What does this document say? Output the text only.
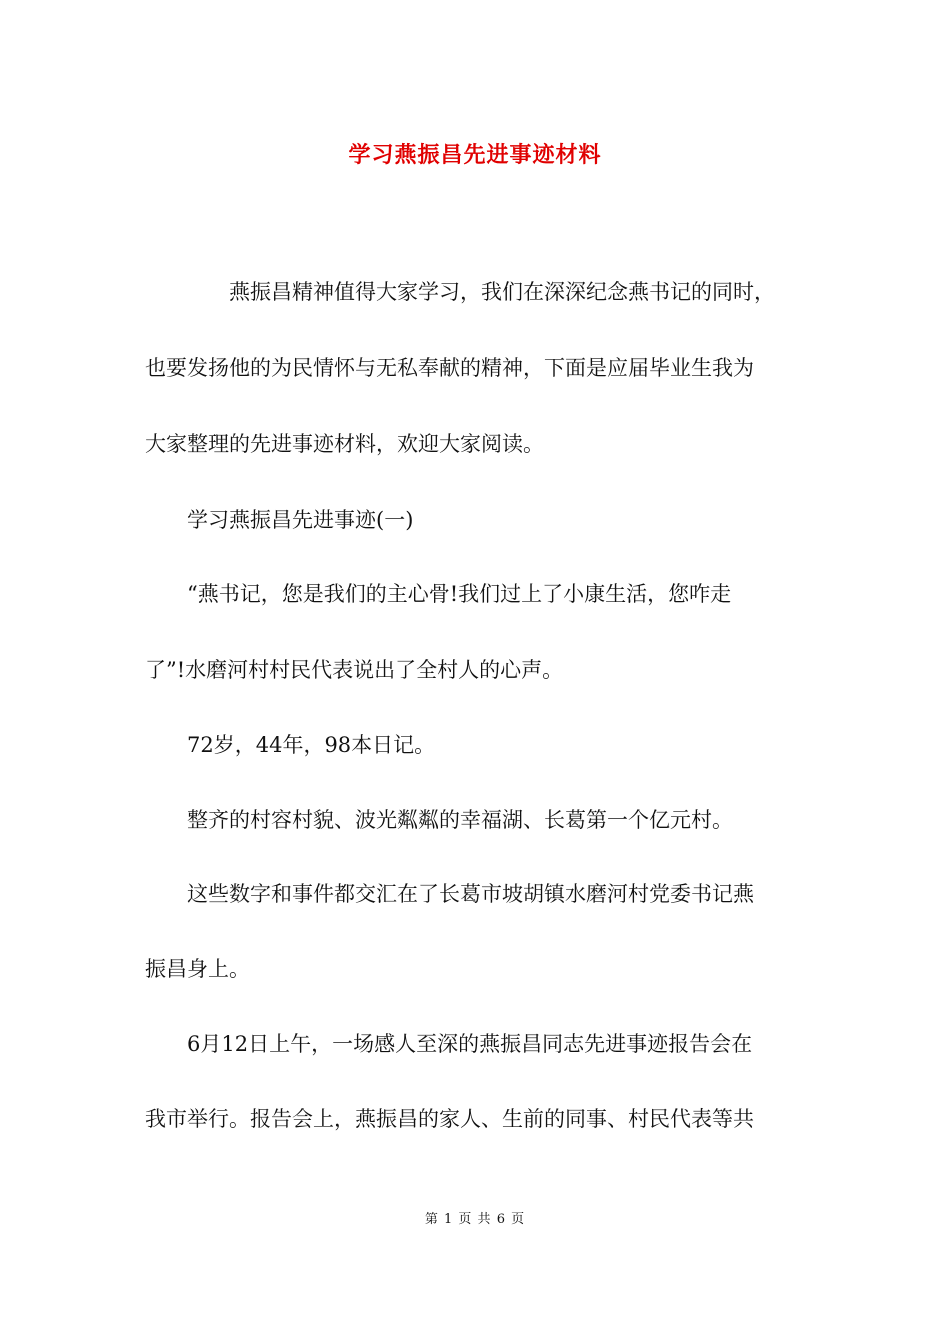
学习燕振昌先进事迹材料
　　　　燕振昌精神值得大家学习，我们在深深纪念燕书记的同时，
也要发扬他的为民情怀与无私奉献的精神，下面是应届毕业生我为
大家整理的先进事迹材料，欢迎大家阅读。
　　学习燕振昌先进事迹(一)
　　“燕书记，您是我们的主心骨!我们过上了小康生活，您咋走
了”!水磨河村村民代表说出了全村人的心声。
　　72岁，44年，98本日记。
　　整齐的村容村貌、波光粼粼的幸福湖、长葛第一个亿元村。
　　这些数字和事件都交汇在了长葛市坡胡镇水磨河村党委书记燕
振昌身上。
　　6月12日上午，一场感人至深的燕振昌同志先进事迹报告会在
我市举行。报告会上，燕振昌的家人、生前的同事、村民代表等共
第 1 页 共 6 页
